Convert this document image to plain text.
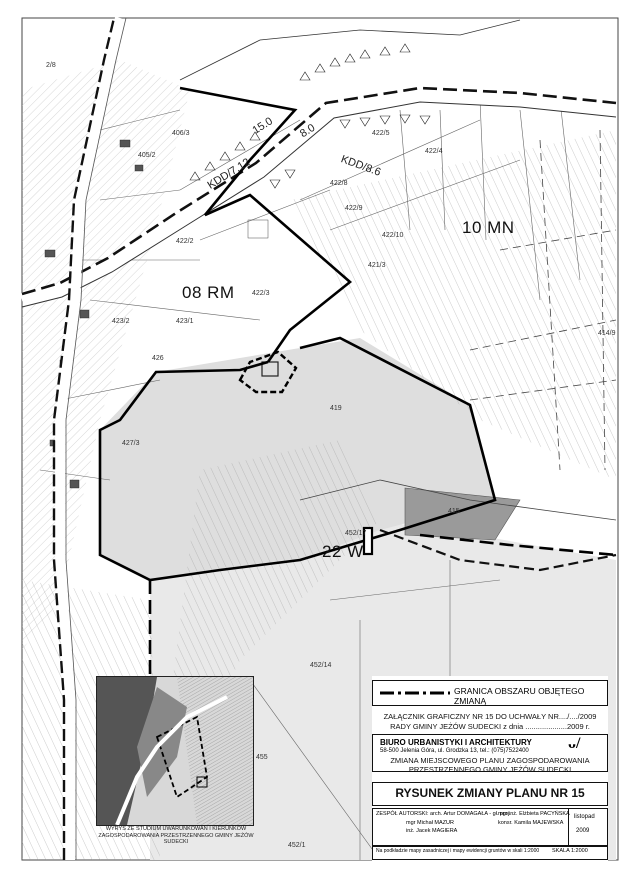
10 MN
08 RM
22 W
KDD/7.12	KDD/8.6
15.0 8.0
406/3
405/2
422/2
422/3
423/1
423/2
427/3
422/5
422/4
422/8
422/9
422/10
421/3
419
415
452/14
452/17
452/1
426
414/9
2/8
455
WYRYS ZE STUDIUM UWARUNKOWAŃ I KIERUNKÓW ZAGOSPODAROWANIA PRZESTRZENNEGO GMINY JEŻÓW SUDECKI
GRANICA OBSZARU OBJĘTEGO ZMIANĄ
ZAŁĄCZNIK GRAFICZNY NR 15 DO UCHWAŁY NR..../..../2009
RADY GMINY JEŻÓW SUDECKI z dnia ....................2009 r.
BIURO URBANISTYKI I ARCHITEKTURY
58-500 Jelenia Góra, ul. Grodzka 13, tel.: (075)7522400 ᴗ/
ZMIANA MIEJSCOWEGO PLANU ZAGOSPODAROWANIA
PRZESTRZENNEGO GMINY JEŻÓW SUDECKI
RYSUNEK ZMIANY PLANU NR 15
ZESPÓŁ AUTORSKI: arch. Artur DOMAGAŁA - gł. proj.
mgr Michał MAZUR
inż. Jacek MAGIERA
mgr inż. Elżbieta PACYŃSKA
konsr. Kamila MAJEWSKA
listopad
2009
Na podkładzie mapy zasadniczej i mapy ewidencji gruntów w skali 1:2000 SKALA 1:2000
